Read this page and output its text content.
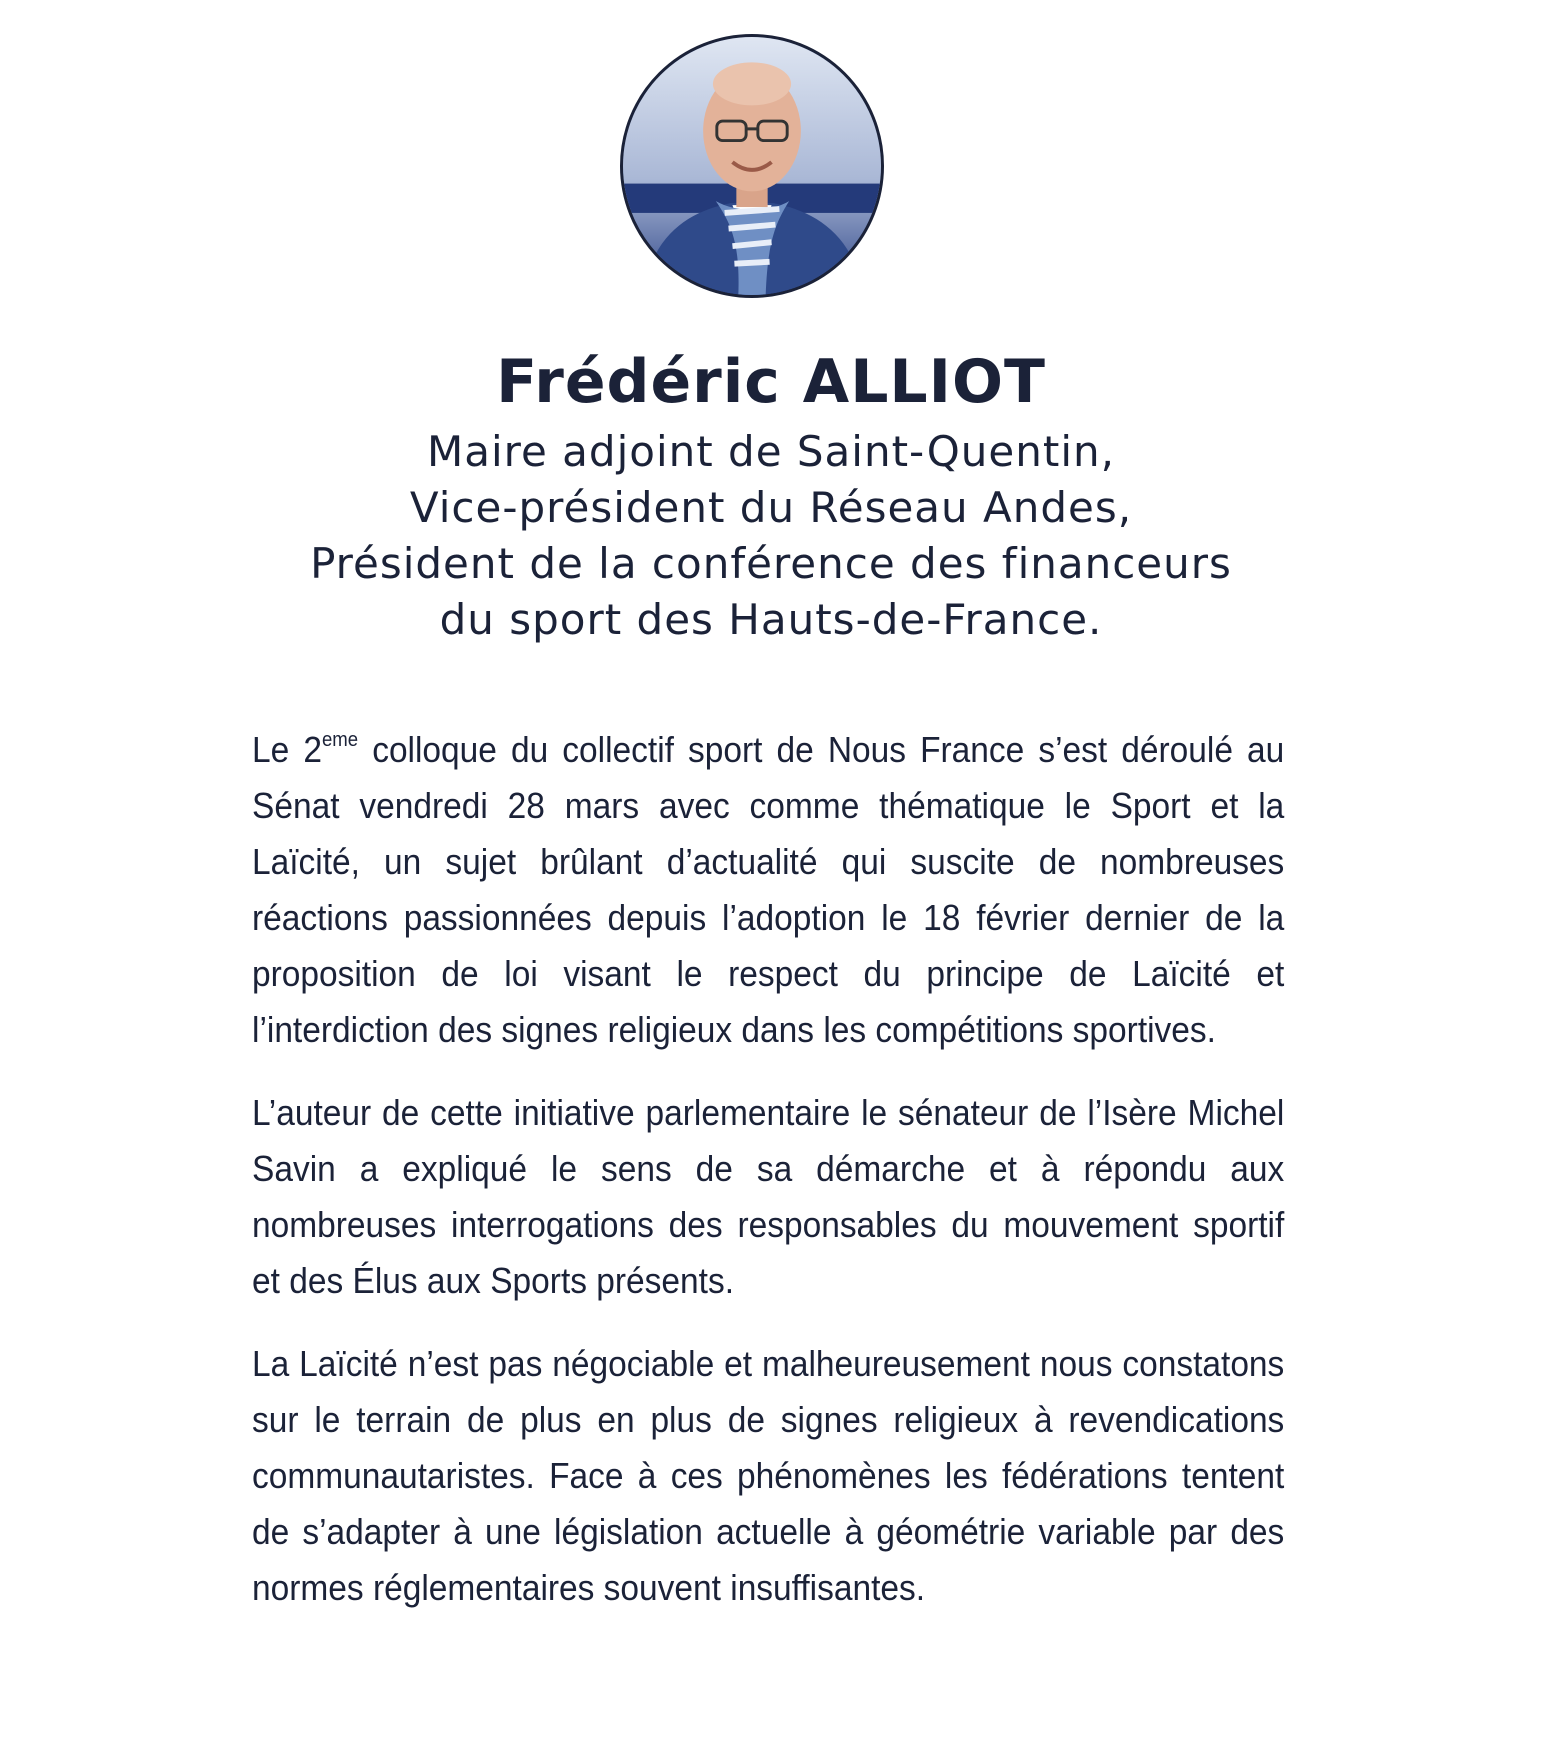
Frédéric ALLIOT

Maire adjoint de Saint-Quentin,

Vice-président du Réseau Andes,

Président de la conférence des financeurs

du sport des Hauts-de-France.

Le 2eme colloque du collectif sport de Nous France s’est déroulé au Sénat vendredi 28 mars avec comme thématique le Sport et la Laïcité, un sujet brûlant d’actualité qui suscite de nombreuses réactions passionnées depuis l’adoption le 18 février dernier de la proposition de loi visant le respect du principe de Laïcité et l’interdiction des signes religieux dans les compétitions sportives.

L’auteur de cette initiative parlementaire le sénateur de l’Isère Michel Savin a expliqué le sens de sa démarche et à répondu aux nombreuses interrogations des responsables du mouvement sportif et des Élus aux Sports présents.

La Laïcité n’est pas négociable et malheureusement nous constatons sur le terrain de plus en plus de signes religieux à revendications communautaristes. Face à ces phénomènes les fédérations tentent de s’adapter à une législation actuelle à géométrie variable par des normes réglementaires souvent insuffisantes.
